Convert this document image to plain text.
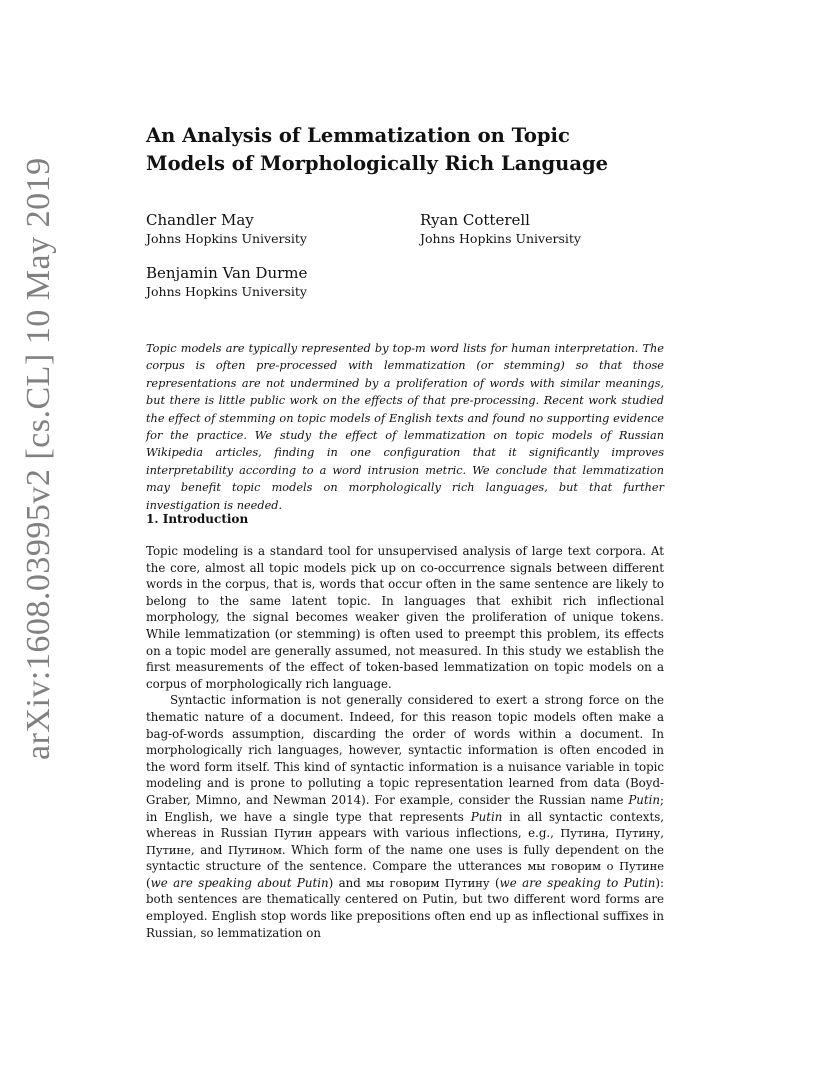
arXiv:1608.03995v2 [cs.CL] 10 May 2019
An Analysis of Lemmatization on Topic
Models of Morphologically Rich Language
Chandler May
Johns Hopkins University
Ryan Cotterell
Johns Hopkins University
Benjamin Van Durme
Johns Hopkins University

Topic models are typically represented by top-m word lists for human interpretation. The corpus is often pre-processed with lemmatization (or stemming) so that those representations are not undermined by a proliferation of words with similar meanings, but there is little public work on the effects of that pre-processing. Recent work studied the effect of stemming on topic models of English texts and found no supporting evidence for the practice. We study the effect of lemmatization on topic models of Russian Wikipedia articles, finding in one configuration that it significantly improves interpretability according to a word intrusion metric. We conclude that lemmatization may benefit topic models on morphologically rich languages, but that further investigation is needed.

1. Introduction

Topic modeling is a standard tool for unsupervised analysis of large text corpora. At the core, almost all topic models pick up on co-occurrence signals between different words in the corpus, that is, words that occur often in the same sentence are likely to belong to the same latent topic. In languages that exhibit rich inflectional morphology, the signal becomes weaker given the proliferation of unique tokens. While lemmatization (or stemming) is often used to preempt this problem, its effects on a topic model are generally assumed, not measured. In this study we establish the first measurements of the effect of token-based lemmatization on topic models on a corpus of morphologically rich language.

Syntactic information is not generally considered to exert a strong force on the thematic nature of a document. Indeed, for this reason topic models often make a bag-of-words assumption, discarding the order of words within a document. In morphologically rich languages, however, syntactic information is often encoded in the word form itself. This kind of syntactic information is a nuisance variable in topic modeling and is prone to polluting a topic representation learned from data (Boyd-Graber, Mimno, and Newman 2014). For example, consider the Russian name Putin; in English, we have a single type that represents Putin in all syntactic contexts, whereas in Russian Путин appears with various inflections, e.g., Путина, Путину, Путине, and Путином. Which form of the name one uses is fully dependent on the syntactic structure of the sentence. Compare the utterances мы говорим о Путине (we are speaking about Putin) and мы говорим Путину (we are speaking to Putin): both sentences are thematically centered on Putin, but two different word forms are employed. English stop words like prepositions often end up as inflectional suffixes in Russian, so lemmatization on
